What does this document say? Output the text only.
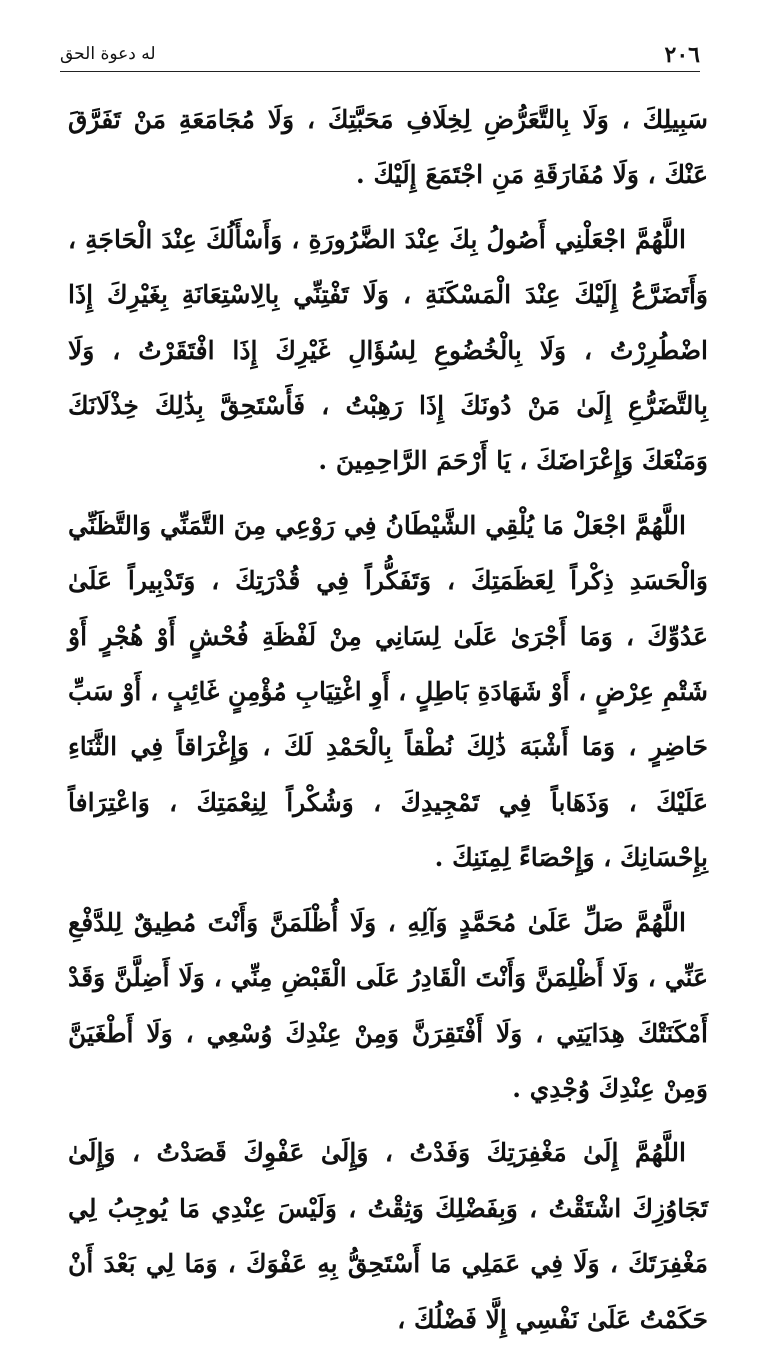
٢٠٦
له دعوة الحق

سَبِيلِكَ ، وَلَا بِالتَّعَرُّضِ لِخِلَافِ مَحَبَّتِكَ ، وَلَا مُجَامَعَةِ مَنْ تَفَرَّقَ عَنْكَ ، وَلَا مُفَارَقَةِ مَنِ اجْتَمَعَ إِلَيْكَ .

اللَّهُمَّ اجْعَلْنِي أَصُولُ بِكَ عِنْدَ الضَّرُورَةِ ، وَأَسْأَلُكَ عِنْدَ الْحَاجَةِ ، وَأَتَضَرَّعُ إِلَيْكَ عِنْدَ الْمَسْكَنَةِ ، وَلَا تَفْتِنِّي بِالِاسْتِعَانَةِ بِغَيْرِكَ إِذَا اضْطُرِرْتُ ، وَلَا بِالْخُضُوعِ لِسُؤَالِ غَيْرِكَ إِذَا افْتَقَرْتُ ، وَلَا بِالتَّضَرُّعِ إِلَىٰ مَنْ دُونَكَ إِذَا رَهِبْتُ ، فَأَسْتَحِقَّ بِذَٰلِكَ خِذْلَانَكَ وَمَنْعَكَ وَإِعْرَاضَكَ ، يَا أَرْحَمَ الرَّاحِمِينَ .

اللَّهُمَّ اجْعَلْ مَا يُلْقِي الشَّيْطَانُ فِي رَوْعِي مِنَ التَّمَنِّي وَالتَّظَنِّي وَالْحَسَدِ ذِكْراً لِعَظَمَتِكَ ، وَتَفَكُّراً فِي قُدْرَتِكَ ، وَتَدْبِيراً عَلَىٰ عَدُوِّكَ ، وَمَا أَجْرَىٰ عَلَىٰ لِسَانِي مِنْ لَفْظَةِ فُحْشٍ أَوْ هُجْرٍ أَوْ شَتْمِ عِرْضٍ ، أَوْ شَهَادَةِ بَاطِلٍ ، أَوِ اغْتِيَابِ مُؤْمِنٍ غَائِبٍ ، أَوْ سَبِّ حَاضِرٍ ، وَمَا أَشْبَهَ ذَٰلِكَ نُطْقاً بِالْحَمْدِ لَكَ ، وَإِغْرَاقاً فِي الثَّنَاءِ عَلَيْكَ ، وَذَهَاباً فِي تَمْجِيدِكَ ، وَشُكْراً لِنِعْمَتِكَ ، وَاعْتِرَافاً بِإِحْسَانِكَ ، وَإِحْصَاءً لِمِنَنِكَ .

اللَّهُمَّ صَلِّ عَلَىٰ مُحَمَّدٍ وَآلِهِ ، وَلَا أُظْلَمَنَّ وَأَنْتَ مُطِيقٌ لِلدَّفْعِ عَنِّي ، وَلَا أَظْلِمَنَّ وَأَنْتَ الْقَادِرُ عَلَى الْقَبْضِ مِنِّي ، وَلَا أَضِلَّنَّ وَقَدْ أَمْكَنَتْكَ هِدَايَتِي ، وَلَا أَفْتَقِرَنَّ وَمِنْ عِنْدِكَ وُسْعِي ، وَلَا أَطْغَيَنَّ وَمِنْ عِنْدِكَ وُجْدِي .

اللَّهُمَّ إِلَىٰ مَغْفِرَتِكَ وَفَدْتُ ، وَإِلَىٰ عَفْوِكَ قَصَدْتُ ، وَإِلَىٰ تَجَاوُزِكَ اشْتَقْتُ ، وَبِفَضْلِكَ وَثِقْتُ ، وَلَيْسَ عِنْدِي مَا يُوجِبُ لِي مَغْفِرَتَكَ ، وَلَا فِي عَمَلِي مَا أَسْتَحِقُّ بِهِ عَفْوَكَ ، وَمَا لِي بَعْدَ أَنْ حَكَمْتُ عَلَىٰ نَفْسِي إِلَّا فَضْلُكَ ،
